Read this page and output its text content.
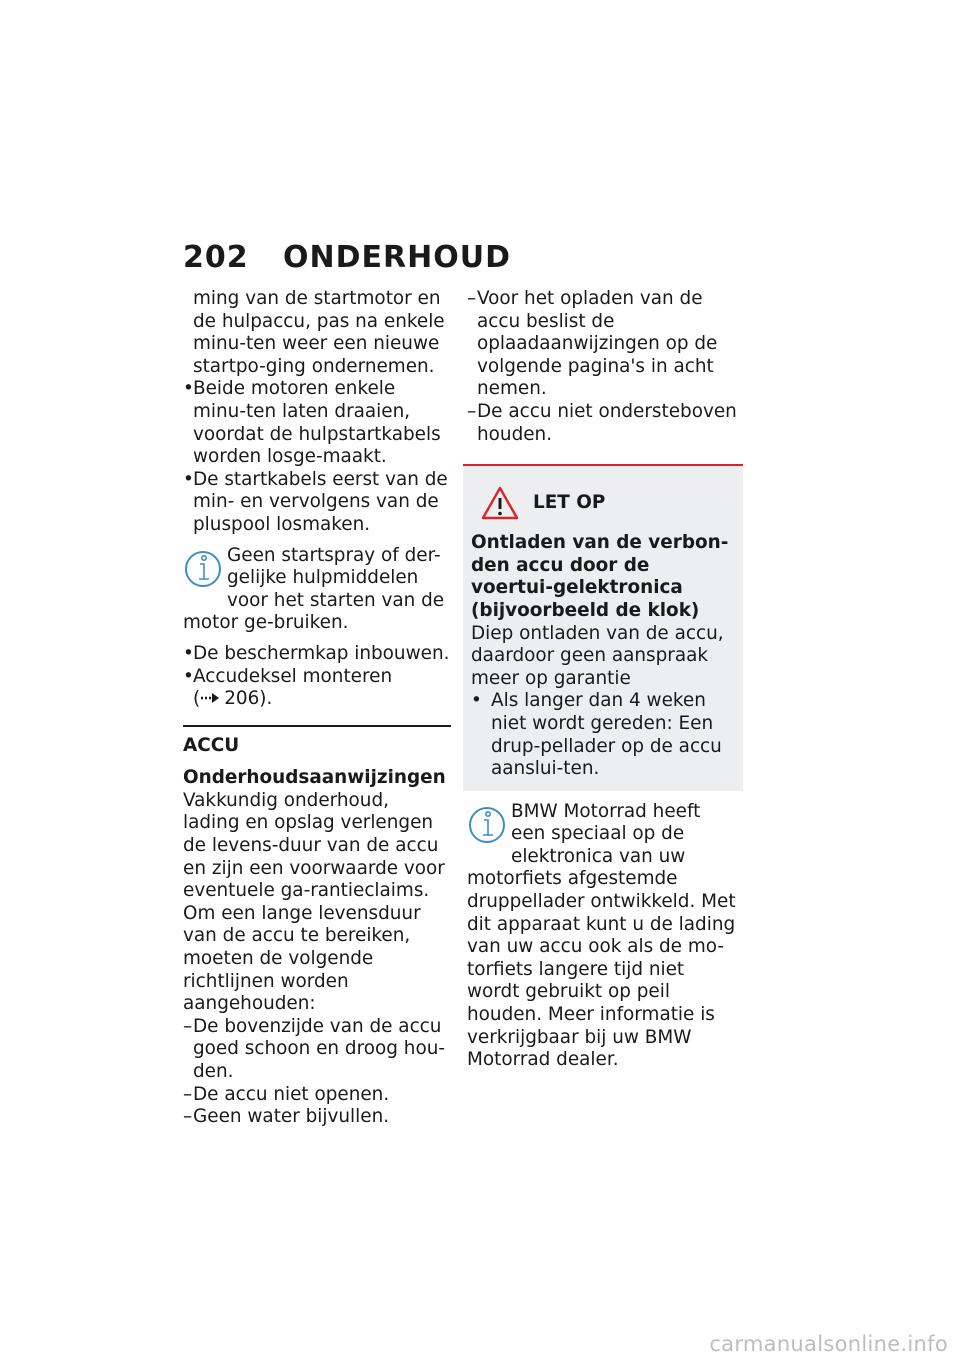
202 ONDERHOUD

ming van de startmotor en de hulpaccu, pas na enkele minu-ten weer een nieuwe startpo-ging ondernemen.

•
Beide motoren enkele minu-ten laten draaien, voordat de hulpstartkabels worden losge-maakt.
•
De startkabels eerst van de min- en vervolgens van de pluspool losmaken.
Geen startspray of der-gelijke hulpmiddelen voor het starten van de motor ge-bruiken.
•
De beschermkap inbouwen.
•
Accudeksel monteren
( 206).
ACCU

Onderhoudsaanwijzingen

Vakkundig onderhoud, lading en opslag verlengen de levens-duur van de accu en zijn een voorwaarde voor eventuele ga-rantieclaims.

Om een lange levensduur van de accu te bereiken, moeten de volgende richtlijnen worden aangehouden:

–
De bovenzijde van de accu goed schoon en droog hou-den.
–
De accu niet openen.
–
Geen water bijvullen.
–
Voor het opladen van de accu beslist de oplaadaanwijzingen op de volgende pagina's in acht nemen.
–
De accu niet ondersteboven houden.
LET OP

Ontladen van de verbon-den accu door de voertui-gelektronica (bijvoorbeeld de klok)

Diep ontladen van de accu, daardoor geen aanspraak meer op garantie

•
Als langer dan 4 weken niet wordt gereden: Een drup-pellader op de accu aanslui-ten.
BMW Motorrad heeft een speciaal op de elektronica van uw motorfiets afgestemde druppellader ontwikkeld. Met dit apparaat kunt u de lading van uw accu ook als de mo-torfiets langere tijd niet wordt gebruikt op peil houden. Meer informatie is verkrijgbaar bij uw BMW Motorrad dealer.
carmanualsonline.info
